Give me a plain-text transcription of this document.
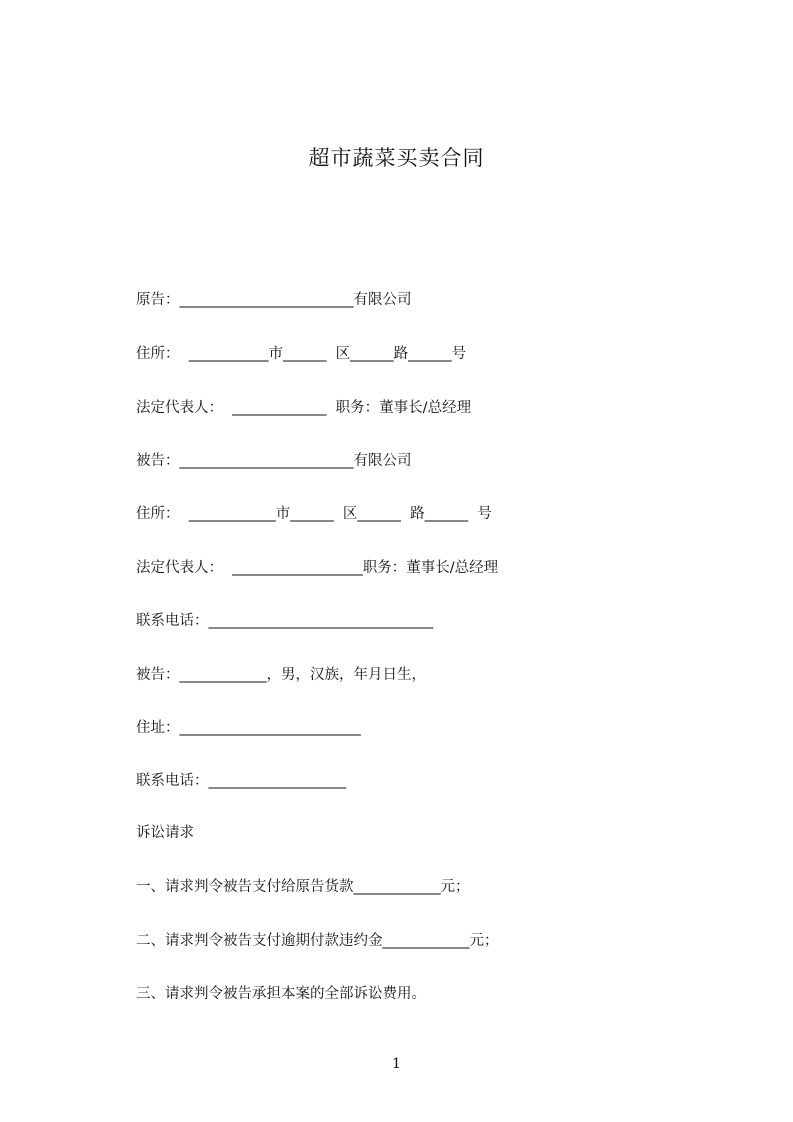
超市蔬菜买卖合同
原告：________________________有限公司
住所：  ___________市______  区______路______号
法定代表人：  _____________  职务：董事长/总经理
被告：________________________有限公司
住所：  ____________市______  区______  路______  号
法定代表人：  __________________职务：董事长/总经理
联系电话：_______________________________
被告：____________，男，汉族，年月日生，
住址：_________________________
联系电话：___________________
诉讼请求
一、请求判令被告支付给原告货款____________元；
二、请求判令被告支付逾期付款违约金____________元；
三、请求判令被告承担本案的全部诉讼费用。
1
